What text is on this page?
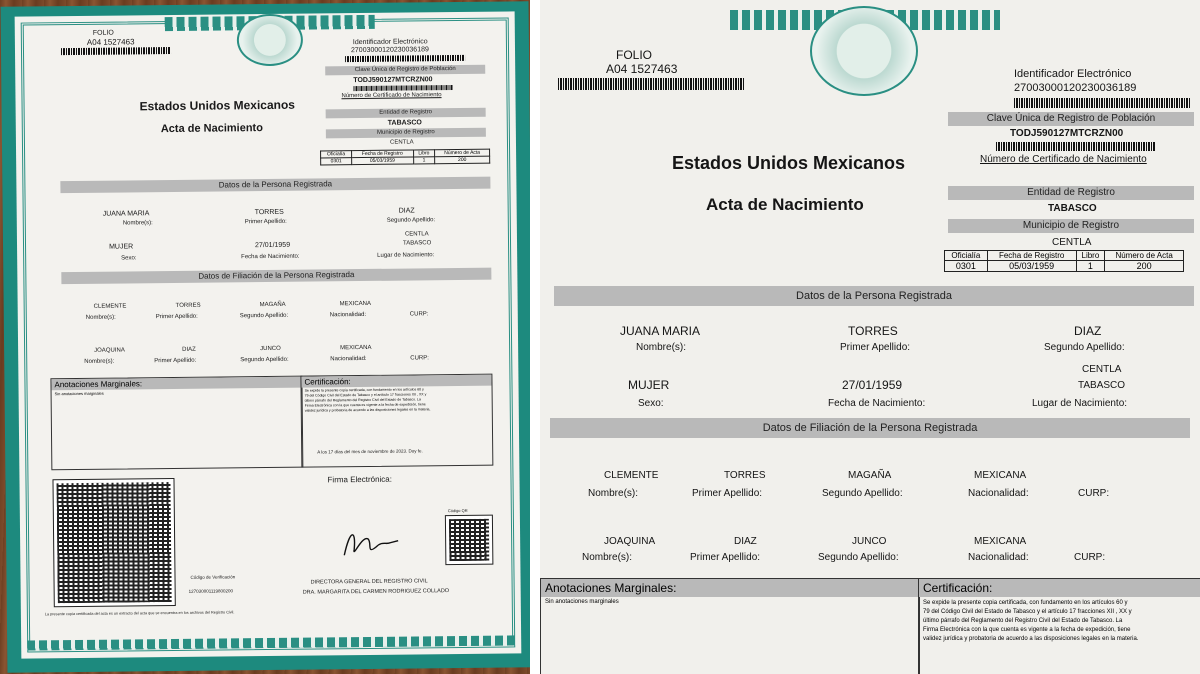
FOLIO
A04 1527463	Identificador Electrónico
27003000120230036189
Clave Única de Registro de Población
TODJ590127MTCRZN00
Número de Certificado de Nacimiento
Estados Unidos Mexicanos
Acta de Nacimiento
Entidad de Registro
TABASCO
Municipio de Registro
CENTLA
Oficialía	Fecha de Registro	Libro	Número de Acta
0301	05/03/1959	1	200
Datos de la Persona Registrada
JUANA MARIA	TORRES	DIAZ
Nombre(s):	Primer Apellido:	Segundo Apellido:
CENTLA
MUJER	27/01/1959	TABASCO
Sexo:	Fecha de Nacimiento:	Lugar de Nacimiento:
Datos de Filiación de la Persona Registrada
CLEMENTE	TORRES	MAGAÑA	MEXICANA
Nombre(s):	Primer Apellido:	Segundo Apellido:	Nacionalidad:	CURP:
JOAQUINA	DIAZ	JUNCO	MEXICANA
Nombre(s):	Primer Apellido:	Segundo Apellido:	Nacionalidad:	CURP:
Anotaciones Marginales:
Sin anotaciones marginales
Certificación:
Se expide la presente copia certificada, con fundamento en los artículos 60 y
79 del Código Civil del Estado de Tabasco y el artículo 17 fracciones XII , XX y
último párrafo del Reglamento del Registro Civil del Estado de Tabasco. La
Firma Electrónica con la que cuenta es vigente a la fecha de expedición, tiene
validez jurídica y probatoria de acuerdo a las disposiciones legales en la materia.
A los 17 días del mes de noviembre de 2023. Doy fe.
Firma Electrónica:
Código QR
Código de Verificación
127030001119800200
DIRECTORA GENERAL DEL REGISTRO CIVIL
DRA. MARGARITA DEL CARMEN RODRIGUEZ COLLADO
La presente copia certificada del acta es un extracto del acta que se encuentra en los archivos del Registro Civil.
FOLIO
A04 1527463	Identificador Electrónico
27003000120230036189
Clave Única de Registro de Población
TODJ590127MTCRZN00
Número de Certificado de Nacimiento
Estados Unidos Mexicanos
Acta de Nacimiento
Entidad de Registro
TABASCO
Municipio de Registro
CENTLA
Oficialía	Fecha de Registro	Libro	Número de Acta
0301	05/03/1959	1	200
Datos de la Persona Registrada
JUANA MARIA	TORRES	DIAZ
Nombre(s):	Primer Apellido:	Segundo Apellido:
CENTLA
MUJER	27/01/1959	TABASCO
Sexo:	Fecha de Nacimiento:	Lugar de Nacimiento:
Datos de Filiación de la Persona Registrada
CLEMENTE	TORRES	MAGAÑA	MEXICANA
Nombre(s):	Primer Apellido:	Segundo Apellido:	Nacionalidad:	CURP:
JOAQUINA	DIAZ	JUNCO	MEXICANA
Nombre(s):	Primer Apellido:	Segundo Apellido:	Nacionalidad:	CURP:
Anotaciones Marginales:
Sin anotaciones marginales
Certificación:
Se expide la presente copia certificada, con fundamento en los artículos 60 y
79 del Código Civil del Estado de Tabasco y el artículo 17 fracciones XII , XX y
último párrafo del Reglamento del Registro Civil del Estado de Tabasco. La
Firma Electrónica con la que cuenta es vigente a la fecha de expedición, tiene
validez jurídica y probatoria de acuerdo a las disposiciones legales en la materia.
